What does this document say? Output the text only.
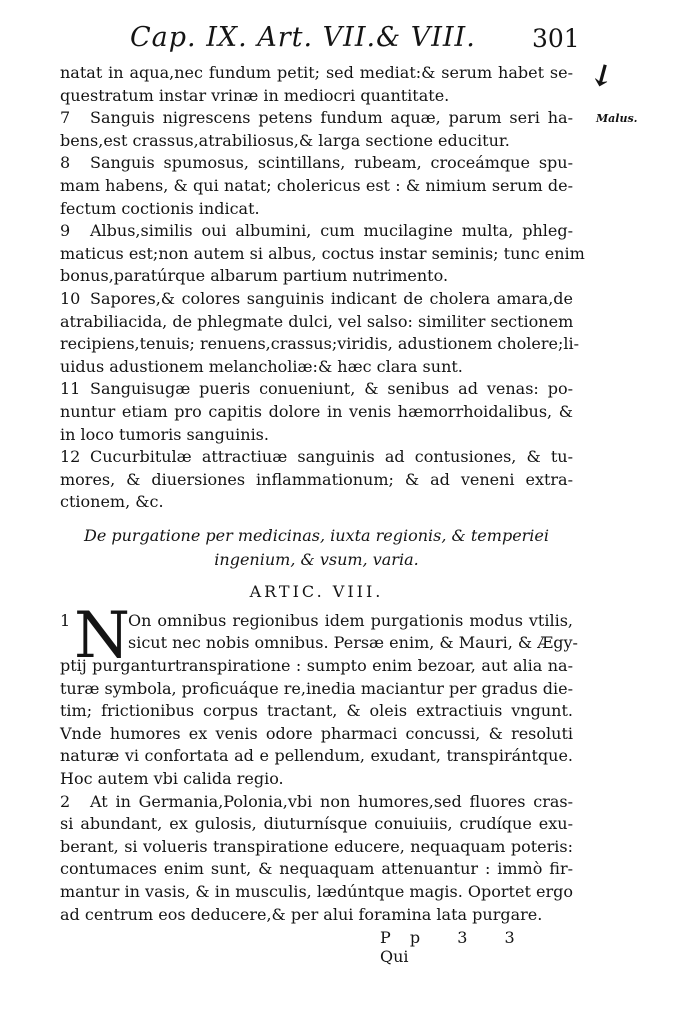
Cap. IX. Art. VII.& VIII. 301
↙
Malus.
natat in aqua,nec fundum petit; sed mediat:& serum habet se-
questratum instar vrinæ in mediocri quantitate.
7 Sanguis nigrescens petens fundum aquæ, parum seri ha-
bens,est crassus,atrabiliosus,& larga sectione educitur.
8 Sanguis spumosus, scintillans, rubeam, croceámque spu-
mam habens, & qui natat; cholericus est : & nimium serum de-
fectum coctionis indicat.
9 Albus,similis oui albumini, cum mucilagine multa, phleg-
maticus est;non autem si albus, coctus instar seminis; tunc enim
bonus,paratúrque albarum partium nutrimento.
10 Sapores,& colores sanguinis indicant de cholera amara,de
atrabiliacida, de phlegmate dulci, vel salso: similiter sectionem
recipiens,tenuis; renuens,crassus;viridis, adustionem cholere;li-
uidus adustionem melancholiæ:& hæc clara sunt.
11 Sanguisugæ pueris conueniunt, & senibus ad venas: po-
nuntur etiam pro capitis dolore in venis hæmorrhoidalibus, &
in loco tumoris sanguinis.
12 Cucurbitulæ attractiuæ sanguinis ad contusiones, & tu-
mores, & diuersiones inflammationum; & ad veneni extra-
ctionem, &c.
De purgatione per medicinas, iuxta regionis, & temperiei
ingenium, & vsum, varia.
ARTIC. VIII.
1 N
On omnibus regionibus idem purgationis modus vtilis,
sicut nec nobis omnibus. Persæ enim, & Mauri, & Ægy-
ptij purganturtranspiratione : sumpto enim bezoar, aut alia na-
turæ symbola, proficuáque re,inedia maciantur per gradus die-
tim; frictionibus corpus tractant, & oleis extractiuis vngunt.
Vnde humores ex venis odore pharmaci concussi, & resoluti
naturæ vi confortata ad e pellendum, exudant, transpirántque.
Hoc autem vbi calida regio.
2 At in Germania,Polonia,vbi non humores,sed fluores cras-
si abundant, ex gulosis, diuturnísque conuiuiis, crudíque exu-
berant, si volueris transpiratione educere, nequaquam poteris:
contumaces enim sunt, & nequaquam attenuantur : immò fir-
mantur in vasis, & in musculis, lædúntque magis. Oportet ergo
ad centrum eos deducere,& per alui foramina lata purgare.
P p 3 3 Qui
